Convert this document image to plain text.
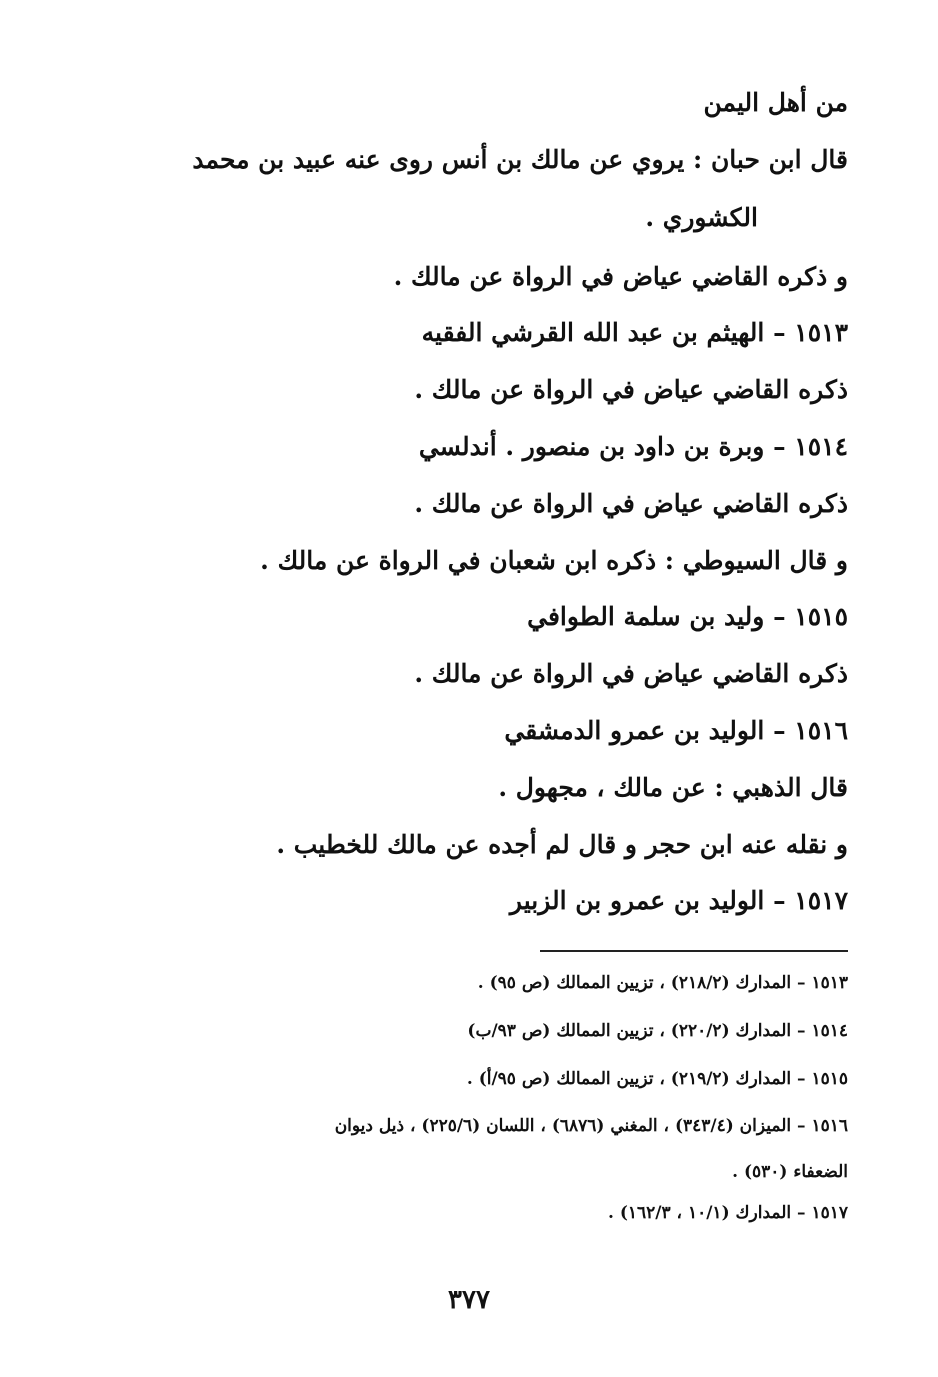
من أهل اليمن
قال ابن حبان : يروي عن مالك بن أنس روى عنه عبيد بن محمد
الكشوري .
و ذكره القاضي عياض في الرواة عن مالك .
١٥١٣ – الهيثم بن عبد الله القرشي الفقيه
ذكره القاضي عياض في الرواة عن مالك .
١٥١٤ – وبرة بن داود بن منصور . أندلسي
ذكره القاضي عياض في الرواة عن مالك .
و قال السيوطي : ذكره ابن شعبان في الرواة عن مالك .
١٥١٥ – وليد بن سلمة الطوافي
ذكره القاضي عياض في الرواة عن مالك .
١٥١٦ – الوليد بن عمرو الدمشقي
قال الذهبي : عن مالك ، مجهول .
و نقله عنه ابن حجر و قال لم أجده عن مالك للخطيب .
١٥١٧ – الوليد بن عمرو بن الزبير
١٥١٣ – المدارك (٢١٨/٢) ، تزيين الممالك (ص ٩٥) .
١٥١٤ – المدارك (٢٢٠/٢) ، تزيين الممالك (ص ٩٣/ب)
١٥١٥ – المدارك (٢١٩/٢) ، تزيين الممالك (ص ٩٥/أ) .
١٥١٦ – الميزان (٣٤٣/٤) ، المغني (٦٨٧٦) ، اللسان (٢٢٥/٦) ، ذيل ديوان
الضعفاء (٥٣٠) .
١٥١٧ – المدارك (١٠/١ ، ١٦٢/٣) .
٣٧٧
